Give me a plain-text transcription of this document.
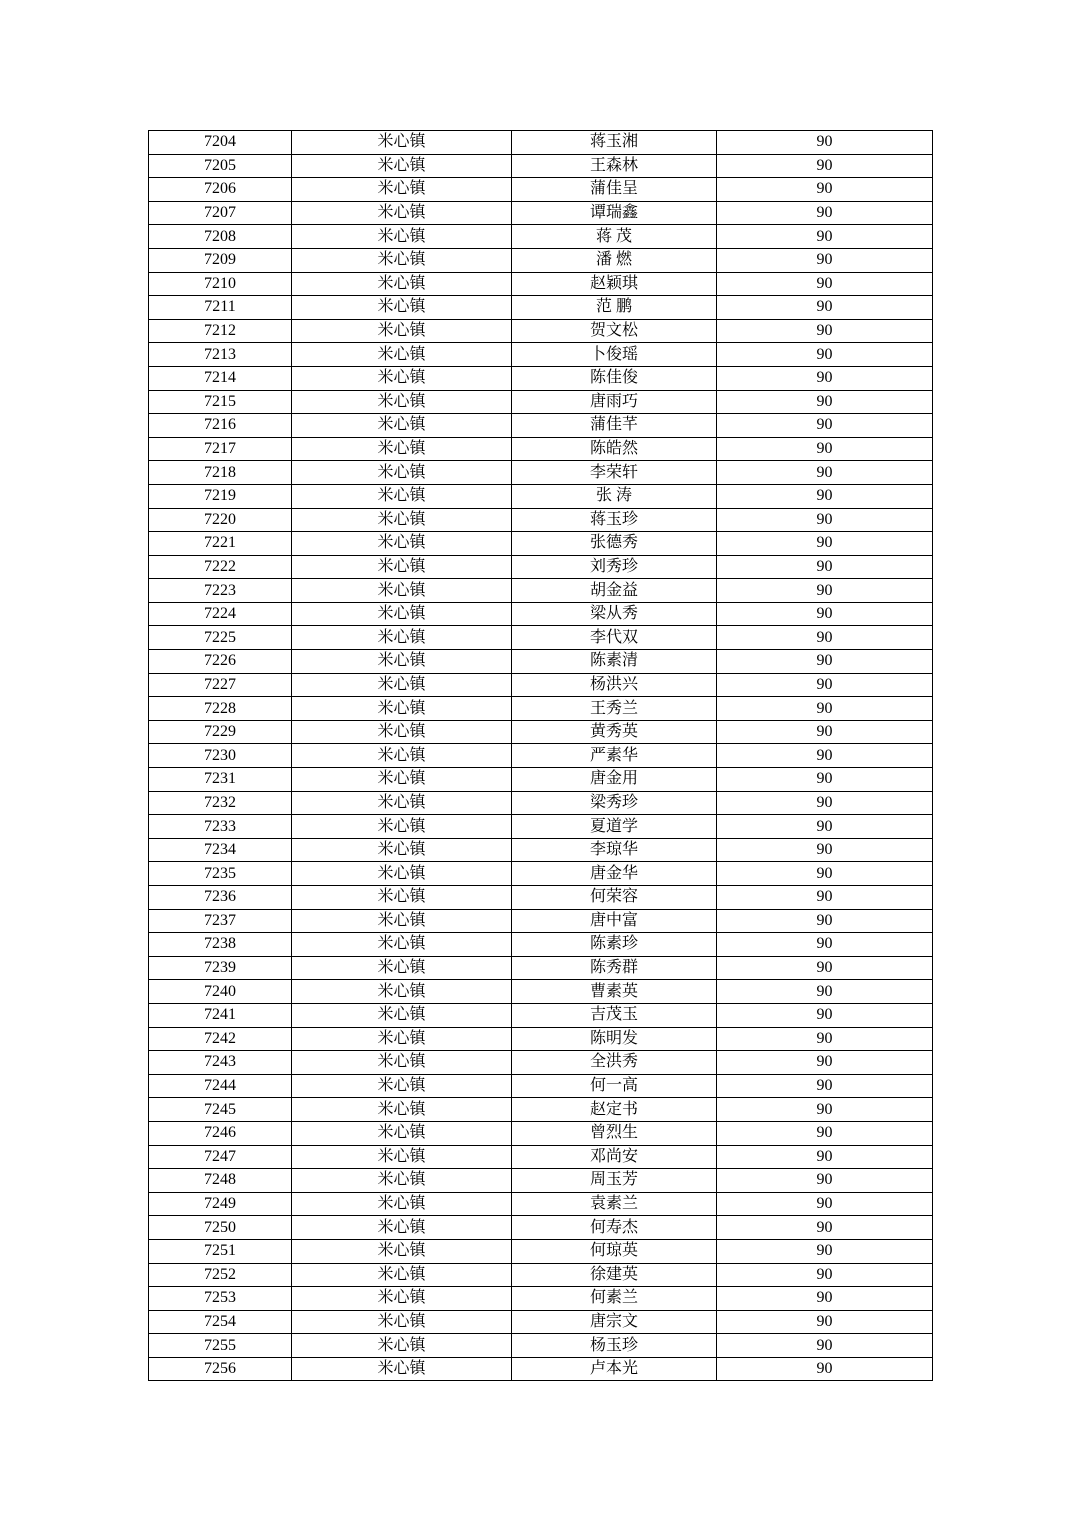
7204	米心镇	蒋玉湘	90
7205	米心镇	王森林	90
7206	米心镇	蒲佳呈	90
7207	米心镇	谭瑞鑫	90
7208	米心镇	蒋 茂	90
7209	米心镇	潘 燃	90
7210	米心镇	赵颖琪	90
7211	米心镇	范 鹏	90
7212	米心镇	贺文松	90
7213	米心镇	卜俊瑶	90
7214	米心镇	陈佳俊	90
7215	米心镇	唐雨巧	90
7216	米心镇	蒲佳芊	90
7217	米心镇	陈皓然	90
7218	米心镇	李荣轩	90
7219	米心镇	张 涛	90
7220	米心镇	蒋玉珍	90
7221	米心镇	张德秀	90
7222	米心镇	刘秀珍	90
7223	米心镇	胡金益	90
7224	米心镇	梁从秀	90
7225	米心镇	李代双	90
7226	米心镇	陈素清	90
7227	米心镇	杨洪兴	90
7228	米心镇	王秀兰	90
7229	米心镇	黄秀英	90
7230	米心镇	严素华	90
7231	米心镇	唐金用	90
7232	米心镇	梁秀珍	90
7233	米心镇	夏道学	90
7234	米心镇	李琼华	90
7235	米心镇	唐金华	90
7236	米心镇	何荣容	90
7237	米心镇	唐中富	90
7238	米心镇	陈素珍	90
7239	米心镇	陈秀群	90
7240	米心镇	曹素英	90
7241	米心镇	吉茂玉	90
7242	米心镇	陈明发	90
7243	米心镇	全洪秀	90
7244	米心镇	何一高	90
7245	米心镇	赵定书	90
7246	米心镇	曾烈生	90
7247	米心镇	邓尚安	90
7248	米心镇	周玉芳	90
7249	米心镇	袁素兰	90
7250	米心镇	何寿杰	90
7251	米心镇	何琼英	90
7252	米心镇	徐建英	90
7253	米心镇	何素兰	90
7254	米心镇	唐宗文	90
7255	米心镇	杨玉珍	90
7256	米心镇	卢本光	90
